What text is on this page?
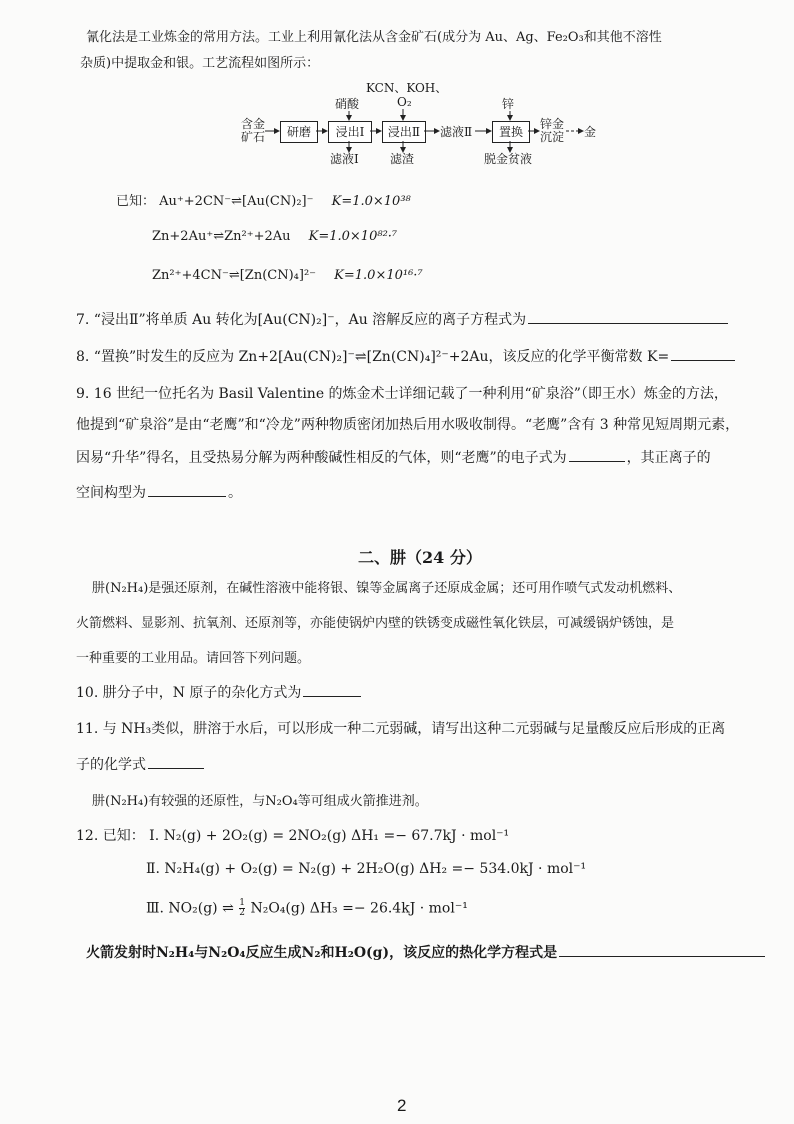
氰化法是工业炼金的常用方法。工业上利用氰化法从含金矿石(成分为 Au、Ag、Fe₂O₃和其他不溶性
杂质)中提取金和银。工艺流程如图所示：
硝酸
KCN、KOH、
O₂	锌
含金矿石	研磨	浸出Ⅰ	浸出Ⅱ	滤液Ⅱ	置换
锌金沉淀 金
滤液Ⅰ	滤渣	脱金贫液
已知： Au⁺+2CN⁻⇌[Au(CN)₂]⁻ K=1.0×10³⁸
Zn+2Au⁺⇌Zn²⁺+2Au K=1.0×10⁸²·⁷
Zn²⁺+4CN⁻⇌[Zn(CN)₄]²⁻ K=1.0×10¹⁶·⁷
7. “浸出Ⅱ”将单质 Au 转化为[Au(CN)₂]⁻，Au 溶解反应的离子方程式为
8. “置换”时发生的反应为 Zn+2[Au(CN)₂]⁻⇌[Zn(CN)₄]²⁻+2Au，该反应的化学平衡常数 K=
9. 16 世纪一位托名为 Basil Valentine 的炼金术士详细记载了一种利用“矿泉浴”（即王水）炼金的方法，
他提到“矿泉浴”是由“老鹰”和“冷龙”两种物质密闭加热后用水吸收制得。“老鹰”含有 3 种常见短周期元素，
因易“升华”得名，且受热易分解为两种酸碱性相反的气体，则“老鹰”的电子式为	，其正离子的
空间构型为	。
二、肼（24 分）
肼(N₂H₄)是强还原剂，在碱性溶液中能将银、镍等金属离子还原成金属；还可用作喷气式发动机燃料、
火箭燃料、显影剂、抗氧剂、还原剂等，亦能使锅炉内壁的铁锈变成磁性氧化铁层，可减缓锅炉锈蚀，是
一种重要的工业用品。请回答下列问题。
10. 肼分子中，N 原子的杂化方式为
11. 与 NH₃类似，肼溶于水后，可以形成一种二元弱碱，请写出这种二元弱碱与足量酸反应后形成的正离
子的化学式
肼(N₂H₄)有较强的还原性，与N₂O₄等可组成火箭推进剂。
12. 已知： Ⅰ. N₂(g) + 2O₂(g) = 2NO₂(g) ΔH₁ =− 67.7kJ · mol⁻¹
Ⅱ. N₂H₄(g) + O₂(g) = N₂(g) + 2H₂O(g) ΔH₂ =− 534.0kJ · mol⁻¹
Ⅲ. NO₂(g) ⇌ $\frac{1}{2} N_2O_4(g) \Delta H_3 =- 26.4kJ \cdot mol^{-1}$
火箭发射时N₂H₄与N₂O₄反应生成N₂和H₂O(g)，该反应的热化学方程式是
2
